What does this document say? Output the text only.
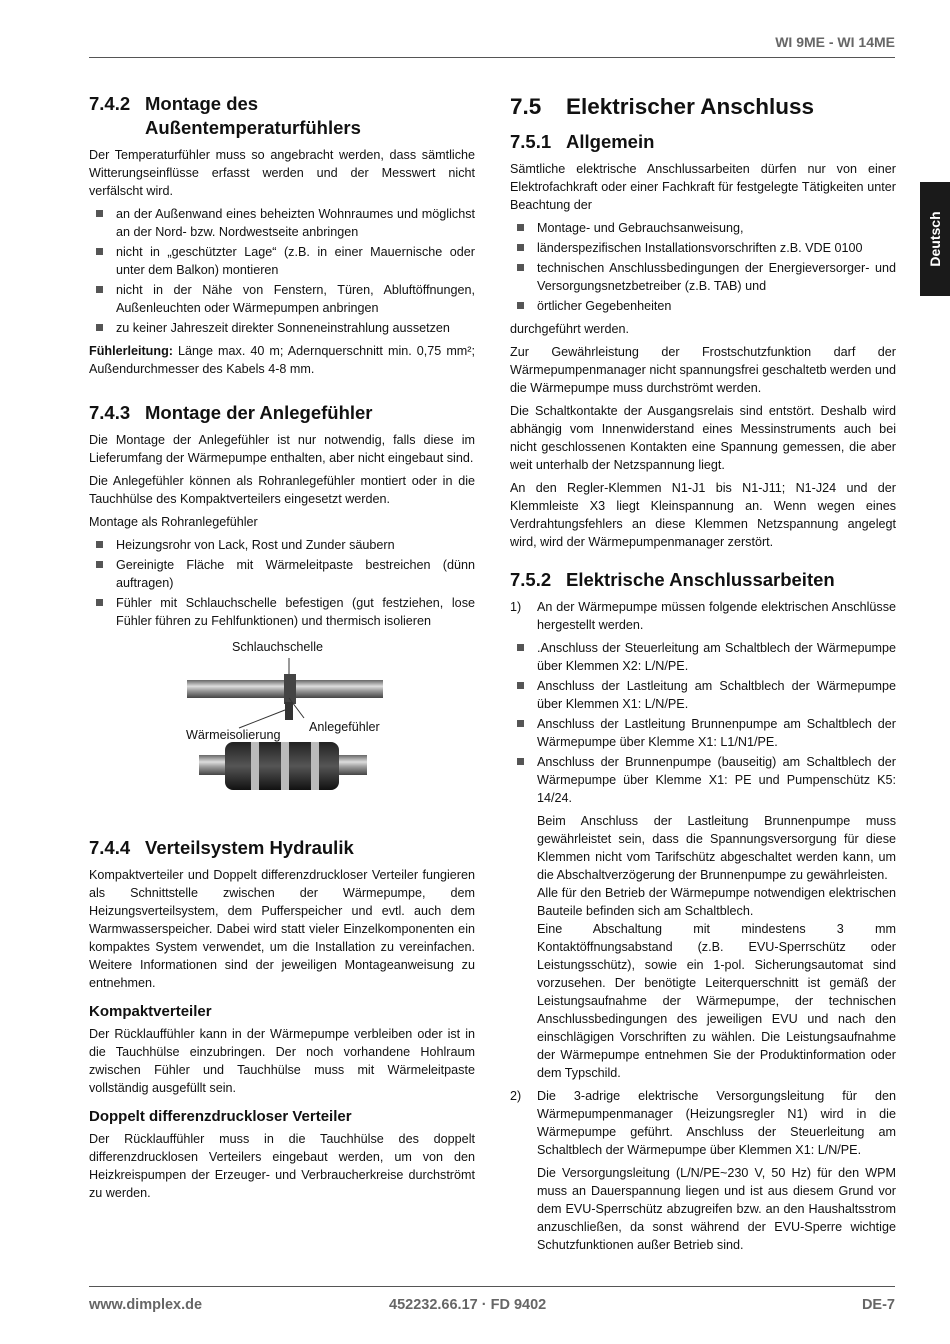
WI 9ME - WI 14ME
Deutsch
7.4.2 Montage des
Außentemperaturfühlers

Der Temperaturfühler muss so angebracht werden, dass sämtliche Witterungseinflüsse erfasst werden und der Messwert nicht verfälscht wird.

an der Außenwand eines beheizten Wohnraumes und möglichst an der Nord- bzw. Nordwestseite anbringen
nicht in „geschützter Lage“ (z.B. in einer Mauernische oder unter dem Balkon) montieren
nicht in der Nähe von Fenstern, Türen, Abluftöffnungen, Außenleuchten oder Wärmepumpen anbringen
zu keiner Jahreszeit direkter Sonneneinstrahlung aussetzen

Fühlerleitung: Länge max. 40 m; Adernquerschnitt min. 0,75 mm²; Außendurchmesser des Kabels 4-8 mm.

7.4.3 Montage der Anlegefühler

Die Montage der Anlegefühler ist nur notwendig, falls diese im Lieferumfang der Wärmepumpe enthalten, aber nicht eingebaut sind.

Die Anlegefühler können als Rohranlegefühler montiert oder in die Tauchhülse des Kompaktverteilers eingesetzt werden.

Montage als Rohranlegefühler

Heizungsrohr von Lack, Rost und Zunder säubern
Gereinigte Fläche mit Wärmeleitpaste bestreichen (dünn auftragen)
Fühler mit Schlauchschelle befestigen (gut festziehen, lose Fühler führen zu Fehlfunktionen) und thermisch isolieren
Schlauchschelle
Wärmeisolierung
Anlegefühler
7.4.4 Verteilsystem Hydraulik

Kompaktverteiler und Doppelt differenzdruckloser Verteiler fungieren als Schnittstelle zwischen der Wärmepumpe, dem Heizungsverteilsystem, dem Pufferspeicher und evtl. auch dem Warmwasserspeicher. Dabei wird statt vieler Einzelkomponenten ein kompaktes System verwendet, um die Installation zu vereinfachen. Weitere Informationen sind der jeweiligen Montageanweisung zu entnehmen.

Kompaktverteiler

Der Rücklauffühler kann in der Wärmepumpe verbleiben oder ist in die Tauchhülse einzubringen. Der noch vorhandene Hohlraum zwischen Fühler und Tauchhülse muss mit Wärmeleitpaste vollständig ausgefüllt sein.

Doppelt differenzdruckloser Verteiler

Der Rücklauffühler muss in die Tauchhülse des doppelt differenzdrucklosen Verteilers eingebaut werden, um von den Heizkreispumpen der Erzeuger- und Verbraucherkreise durchströmt zu werden.

7.5 Elektrischer Anschluss
7.5.1 Allgemein

Sämtliche elektrische Anschlussarbeiten dürfen nur von einer Elektrofachkraft oder einer Fachkraft für festgelegte Tätigkeiten unter Beachtung der

Montage- und Gebrauchsanweisung,
länderspezifischen Installationsvorschriften z.B. VDE 0100
technischen Anschlussbedingungen der Energieversorger- und Versorgungsnetzbetreiber (z.B. TAB) und
örtlicher Gegebenheiten

durchgeführt werden.

Zur Gewährleistung der Frostschutzfunktion darf der Wärmepumpenmanager nicht spannungsfrei geschaltetb werden und die Wärmepumpe muss durchströmt werden.

Die Schaltkontakte der Ausgangsrelais sind entstört. Deshalb wird abhängig vom Innenwiderstand eines Messinstruments auch bei nicht geschlossenen Kontakten eine Spannung gemessen, die aber weit unterhalb der Netzspannung liegt.

An den Regler-Klemmen N1-J1 bis N1-J11; N1-J24 und der Klemmleiste X3 liegt Kleinspannung an. Wenn wegen eines Verdrahtungsfehlers an diese Klemmen Netzspannung angelegt wird, wird der Wärmepumpenmanager zerstört.

7.5.2 Elektrische Anschlussarbeiten
1) An der Wärmepumpe müssen folgende elektrischen Anschlüsse hergestellt werden.
.Anschluss der Steuerleitung am Schaltblech der Wärmepumpe über Klemmen X2: L/N/PE.
Anschluss der Lastleitung am Schaltblech der Wärmepumpe über Klemmen X1: L/N/PE.
Anschluss der Lastleitung Brunnenpumpe am Schaltblech der Wärmepumpe über Klemme X1: L1/N1/PE.
Anschluss der Brunnenpumpe (bauseitig) am Schaltblech der Wärmepumpe über Klemme X1: PE und Pumpenschütz K5: 14/24.

Beim Anschluss der Lastleitung Brunnenpumpe muss gewährleistet sein, dass die Spannungsversorgung für diese Klemmen nicht vom Tarifschütz abgeschaltet werden kann, um die Abschaltverzögerung der Brunnenpumpe zu gewährleisten.

Alle für den Betrieb der Wärmepumpe notwendigen elektrischen Bauteile befinden sich am Schaltblech.

Eine Abschaltung mit mindestens 3 mm Kontaktöffnungsabstand (z.B. EVU-Sperrschütz oder Leistungsschütz), sowie ein 1-pol. Sicherungsautomat sind vorzusehen. Der benötigte Leiterquerschnitt ist gemäß der Leistungsaufnahme der Wärmepumpe, der technischen Anschlussbedingungen des jeweiligen EVU und nach den einschlägigen Vorschriften zu wählen. Die Leistungsaufnahme der Wärmepumpe entnehmen Sie der Produktinformation oder dem Typschild.

2) Die 3-adrige elektrische Versorgungsleitung für den Wärmepumpenmanager (Heizungsregler N1) wird in die Wärmepumpe geführt. Anschluss der Steuerleitung am Schaltblech der Wärmepumpe über Klemmen X1: L/N/PE.

Die Versorgungsleitung (L/N/PE~230 V, 50 Hz) für den WPM muss an Dauerspannung liegen und ist aus diesem Grund vor dem EVU-Sperrschütz abzugreifen bzw. an den Haushaltsstrom anzuschließen, da sonst während der EVU-Sperre wichtige Schutzfunktionen außer Betrieb sind.

www.dimplex.de	452232.66.17 · FD 9402	DE-7
